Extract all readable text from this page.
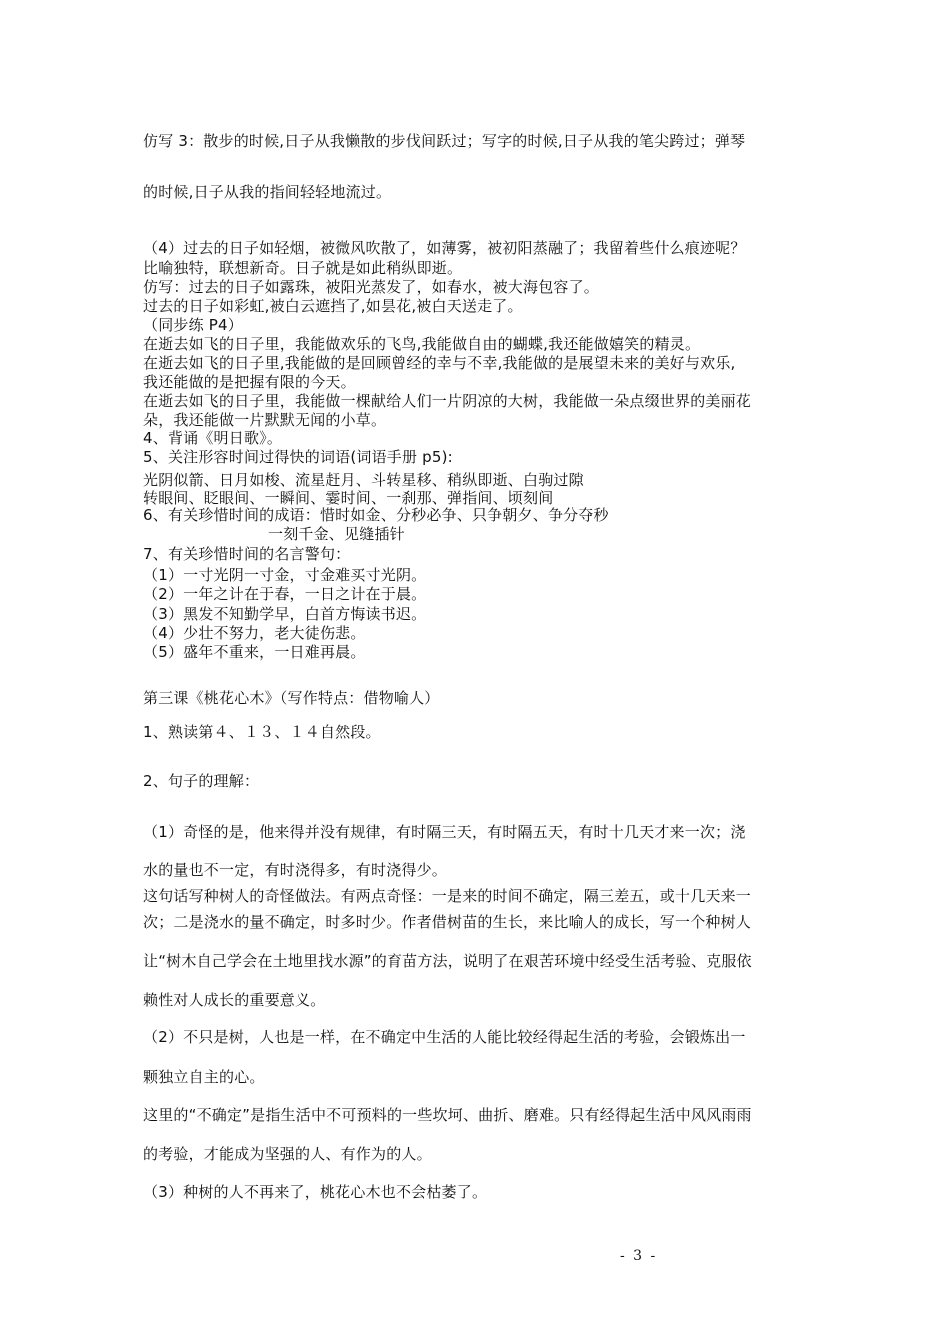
仿写 3：散步的时候,日子从我懒散的步伐间跃过；写字的时候,日子从我的笔尖跨过；弹琴
的时候,日子从我的指间轻轻地流过。
（4）过去的日子如轻烟，被微风吹散了，如薄雾，被初阳蒸融了；我留着些什么痕迹呢？
比喻独特，联想新奇。日子就是如此稍纵即逝。
仿写：过去的日子如露珠，被阳光蒸发了，如春水，被大海包容了。
过去的日子如彩虹,被白云遮挡了,如昙花,被白天送走了。
（同步练 P4）
在逝去如飞的日子里，我能做欢乐的飞鸟,我能做自由的蝴蝶,我还能做嬉笑的精灵。
在逝去如飞的日子里,我能做的是回顾曾经的幸与不幸,我能做的是展望未来的美好与欢乐,
我还能做的是把握有限的今天。
在逝去如飞的日子里，我能做一棵献给人们一片阴凉的大树，我能做一朵点缀世界的美丽花
朵，我还能做一片默默无闻的小草。
4、背诵《明日歌》。
5、关注形容时间过得快的词语(词语手册 p5):
光阴似箭、日月如梭、流星赶月、斗转星移、稍纵即逝、白驹过隙
转眼间、眨眼间、一瞬间、霎时间、一刹那、弹指间、顷刻间
6、有关珍惜时间的成语：惜时如金、分秒必争、只争朝夕、争分夺秒
一刻千金、见缝插针
7、有关珍惜时间的名言警句：
（1）一寸光阴一寸金，寸金难买寸光阴。
（2）一年之计在于春，一日之计在于晨。
（3）黑发不知勤学早，白首方悔读书迟。
（4）少壮不努力，老大徒伤悲。
（5）盛年不重来，一日难再晨。
第三课《桃花心木》（写作特点：借物喻人）
1、熟读第４、１３、１４自然段。
2、句子的理解：
（1）奇怪的是，他来得并没有规律，有时隔三天，有时隔五天，有时十几天才来一次；浇
水的量也不一定，有时浇得多，有时浇得少。
这句话写种树人的奇怪做法。有两点奇怪：一是来的时间不确定，隔三差五，或十几天来一
次；二是浇水的量不确定，时多时少。作者借树苗的生长，来比喻人的成长，写一个种树人
让“树木自己学会在土地里找水源”的育苗方法，说明了在艰苦环境中经受生活考验、克服依
赖性对人成长的重要意义。
（2）不只是树，人也是一样，在不确定中生活的人能比较经得起生活的考验，会锻炼出一
颗独立自主的心。
这里的“不确定”是指生活中不可预料的一些坎坷、曲折、磨难。只有经得起生活中风风雨雨
的考验，才能成为坚强的人、有作为的人。
（3）种树的人不再来了，桃花心木也不会枯萎了。
- 3 -
